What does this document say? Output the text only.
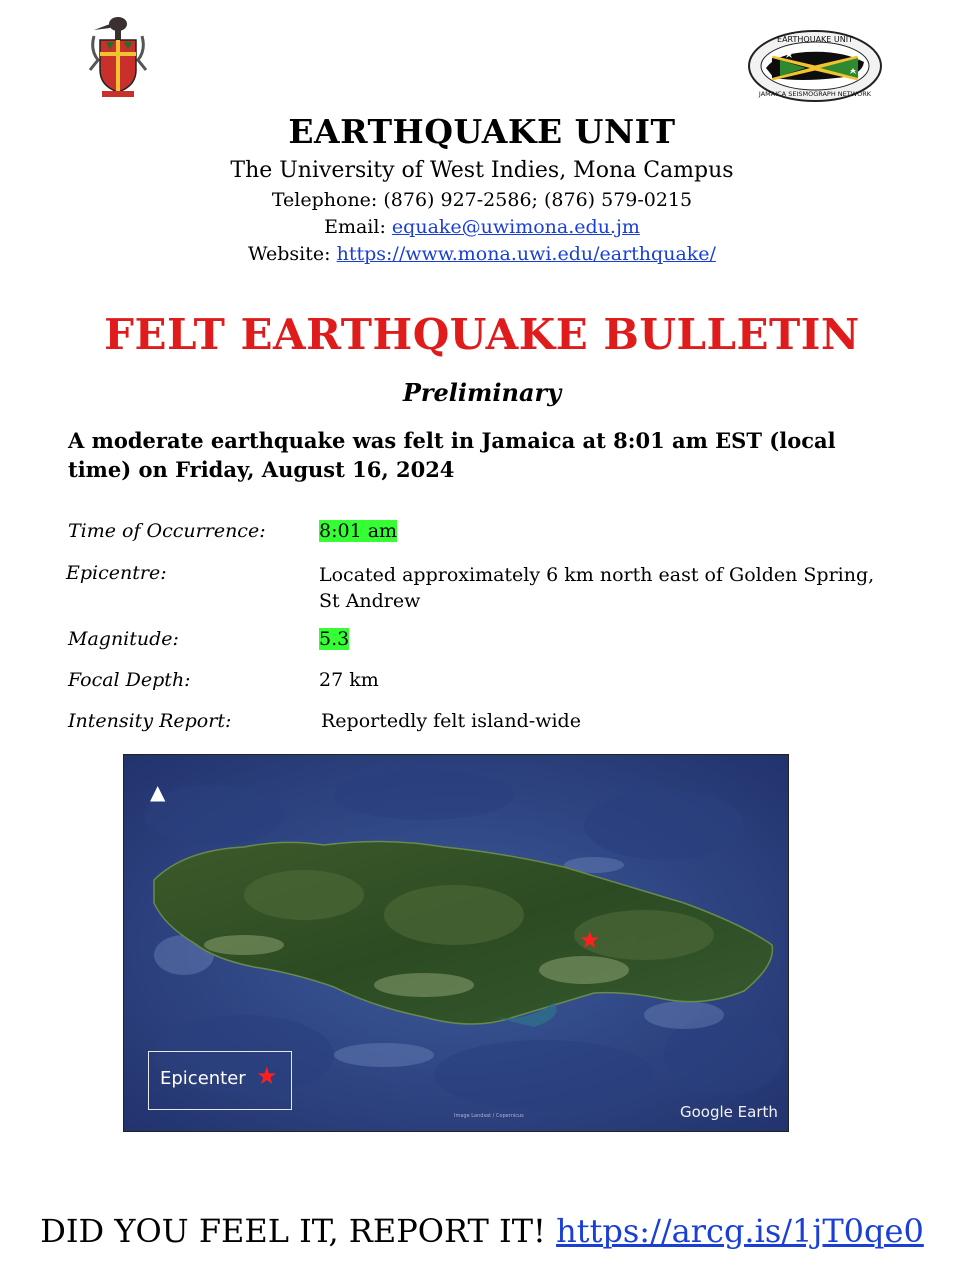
EARTHQUAKE UNIT
JAMAICA SEISMOGRAPH NETWORK
EARTHQUAKE UNIT
The University of West Indies, Mona Campus
Telephone: (876) 927-2586; (876) 579-0215
Email: equake@uwimona.edu.jm
Website: https://www.mona.uwi.edu/earthquake/
FELT EARTHQUAKE BULLETIN
Preliminary
A moderate earthquake was felt in Jamaica at 8:01 am EST (local time) on Friday, August 16, 2024
Time of Occurrence:	8:01 am
Epicentre:	Located approximately 6 km north east of Golden Spring, St Andrew
Magnitude:	5.3
Focal Depth:	27 km
Intensity Report:	Reportedly felt island-wide
Image Landsat / Copernicus
▲
★
Epicenter ★
Google Earth
DID YOU FEEL IT, REPORT IT! https://arcg.is/1jT0qe0
